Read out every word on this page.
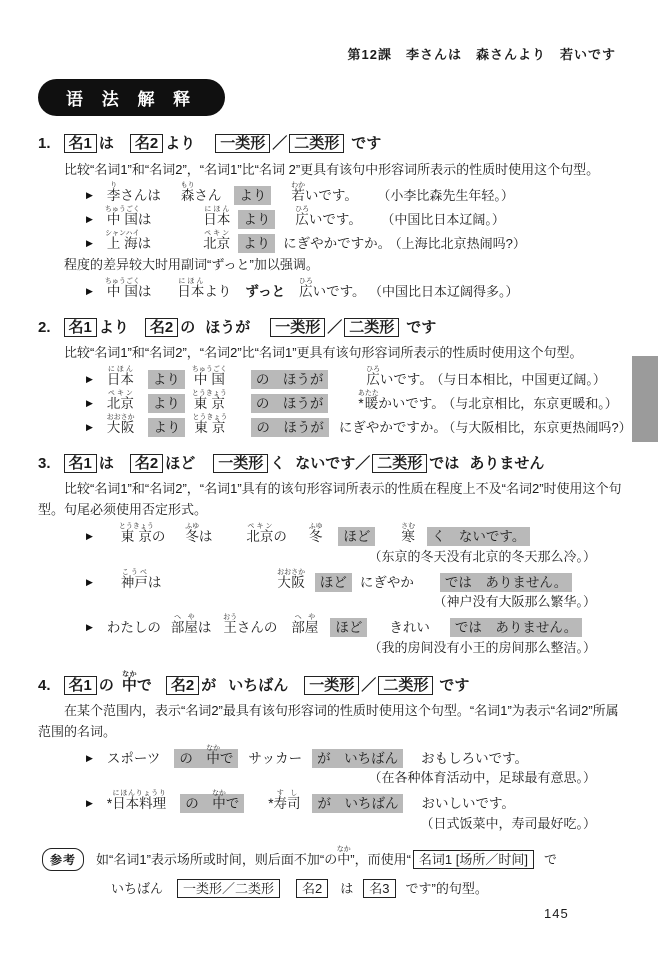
第12課　李さんは　森さんより　若いです
语 法 解 释
1. 名1 は 名2 より 一类形 ／ 二类形 です
比较“名词1”和“名词2”，“名词1”比“名词 2”更具有该句中形容词所表示的性质时使用这个句型。
▶ 李りさんは 森もりさん より 若わかいです。 （小李比森先生年轻。）
▶ 中国ちゅうごくは	日本にほんより 広ひろいです。 （中国比日本辽阔。）
▶ 上海シャンハイは	北京ペキンより にぎやかですか。 （上海比北京热闹吗?）
程度的差异较大时用副词“ずっと”加以强调。
▶ 中国ちゅうごくは 日本にほんより ずっと 広ひろいです。 （中国比日本辽阔得多。）
2. 名1 より 名2 の ほうが 一类形 ／ 二类形 です
比较“名词1”和“名词2”，“名词2”比“名词1”更具有该句形容词所表示的性质时使用这个句型。
▶ 日本にほんより 中国ちゅうごくの　ほうが	広ひろいです。 （与日本相比，中国更辽阔。）
▶ 北京ペキンより 東京とうきょうの　ほうが	*暖あたたかいです。 （与北京相比，东京更暖和。）
▶ 大阪おおさかより 東京とうきょうの　ほうが にぎやかですか。 （与大阪相比，东京更热闹吗?）
3. 名1 は 名2 ほど 一类形 く ないです／ 二类形 では ありません
比较“名词1”和“名词2”，“名词1”具有的该句形容词所表示的性质在程度上不及“名词2”时使用这个句型。句尾必须使用否定形式。
▶ 東京とうきょうの 冬ふゆは	北京ペキンの 冬ふゆほど 寒さむく　ないです。
（东京的冬天没有北京的冬天那么冷。）
▶ 神戸こうべは	大阪おおさかほど にぎやか では　ありません。
（神户没有大阪那么繁华。）
▶ わたしの 部屋へやは 王おうさんの 部屋へやほど きれい では　ありません。
（我的房间没有小王的房间那么整洁。）
4. 名1 の 中なかで 名2 が いちばん 一类形 ／ 二类形 です
在某个范围内，表示“名词2”最具有该句形容词的性质时使用这个句型。“名词1”为表示“名词2”所属范围的名词。
▶ スポーツ の　中なかで サッカー が　いちばん おもしろいです。
（在各种体育活动中，足球最有意思。）
▶ *日本料理にほんりょうりの　中なかで *寿司すしが　いちばん おいしいです。
（日式饭菜中，寿司最好吃。）
参考	如“名词1”表示场所或时间，则后面不加“の中なか”，而使用“ 名词1 [场所／时间] で
いちばん 一类形／二类形 名2 は 名3 です”的句型。
145
